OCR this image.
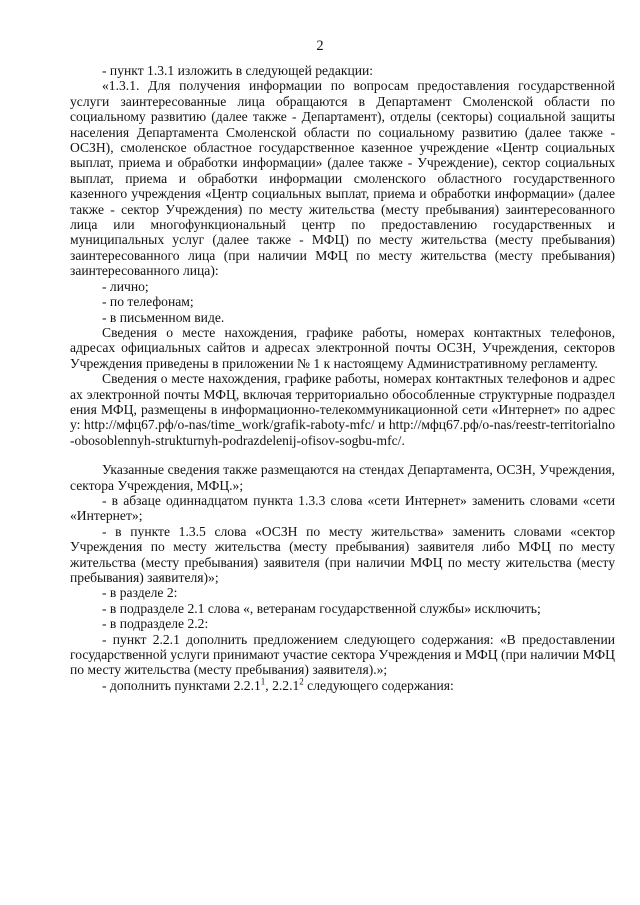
2

- пункт 1.3.1 изложить в следующей редакции:

«1.3.1. Для получения информации по вопросам предоставления государственной услуги заинтересованные лица обращаются в Департамент Смоленской области по социальному развитию (далее также - Департамент), отделы (секторы) социальной защиты населения Департамента Смоленской области по социальному развитию (далее также - ОСЗН), смоленское областное государственное казенное учреждение «Центр социальных выплат, приема и обработки информации» (далее также - Учреждение), сектор социальных выплат, приема и обработки информации смоленского областного государственного казенного учреждения «Центр социальных выплат, приема и обработки информации» (далее также - сектор Учреждения) по месту жительства (месту пребывания) заинтересованного лица или многофункциональный центр по предоставлению государственных и муниципальных услуг (далее также - МФЦ) по месту жительства (месту пребывания) заинтересованного лица (при наличии МФЦ по месту жительства (месту пребывания) заинтересованного лица):

- лично;

- по телефонам;

- в письменном виде.

Сведения о месте нахождения, графике работы, номерах контактных телефонов, адресах официальных сайтов и адресах электронной почты ОСЗН, Учреждения, секторов Учреждения приведены в приложении № 1 к настоящему Административному регламенту.

Сведения о месте нахождения, графике работы, номерах контактных телефонов и адресах электронной почты МФЦ, включая территориально обособленные структурные подразделения МФЦ, размещены в информационно-телекоммуникационной сети «Интернет» по адресу: http://мфц67.рф/o-nas/time_work/grafik-raboty-mfc/ и http://мфц67.рф/o-nas/reestr-territorialno-obosoblennyh-strukturnyh-podrazdelenij-ofisov-sogbu-mfc/.

Указанные сведения также размещаются на стендах Департамента, ОСЗН, Учреждения, сектора Учреждения, МФЦ.»;

- в абзаце одиннадцатом пункта 1.3.3 слова «сети Интернет» заменить словами «сети «Интернет»;

- в пункте 1.3.5 слова «ОСЗН по месту жительства» заменить словами «сектор Учреждения по месту жительства (месту пребывания) заявителя либо МФЦ по месту жительства (месту пребывания) заявителя (при наличии МФЦ по месту жительства (месту пребывания) заявителя)»;

- в разделе 2:

- в подразделе 2.1 слова «, ветеранам государственной службы» исключить;

- в подразделе 2.2:

- пункт 2.2.1 дополнить предложением следующего содержания: «В предоставлении государственной услуги принимают участие сектора Учреждения и МФЦ (при наличии МФЦ по месту жительства (месту пребывания) заявителя).»;

- дополнить пунктами 2.2.1$^1$, 2.2.1$^2$ следующего содержания:
